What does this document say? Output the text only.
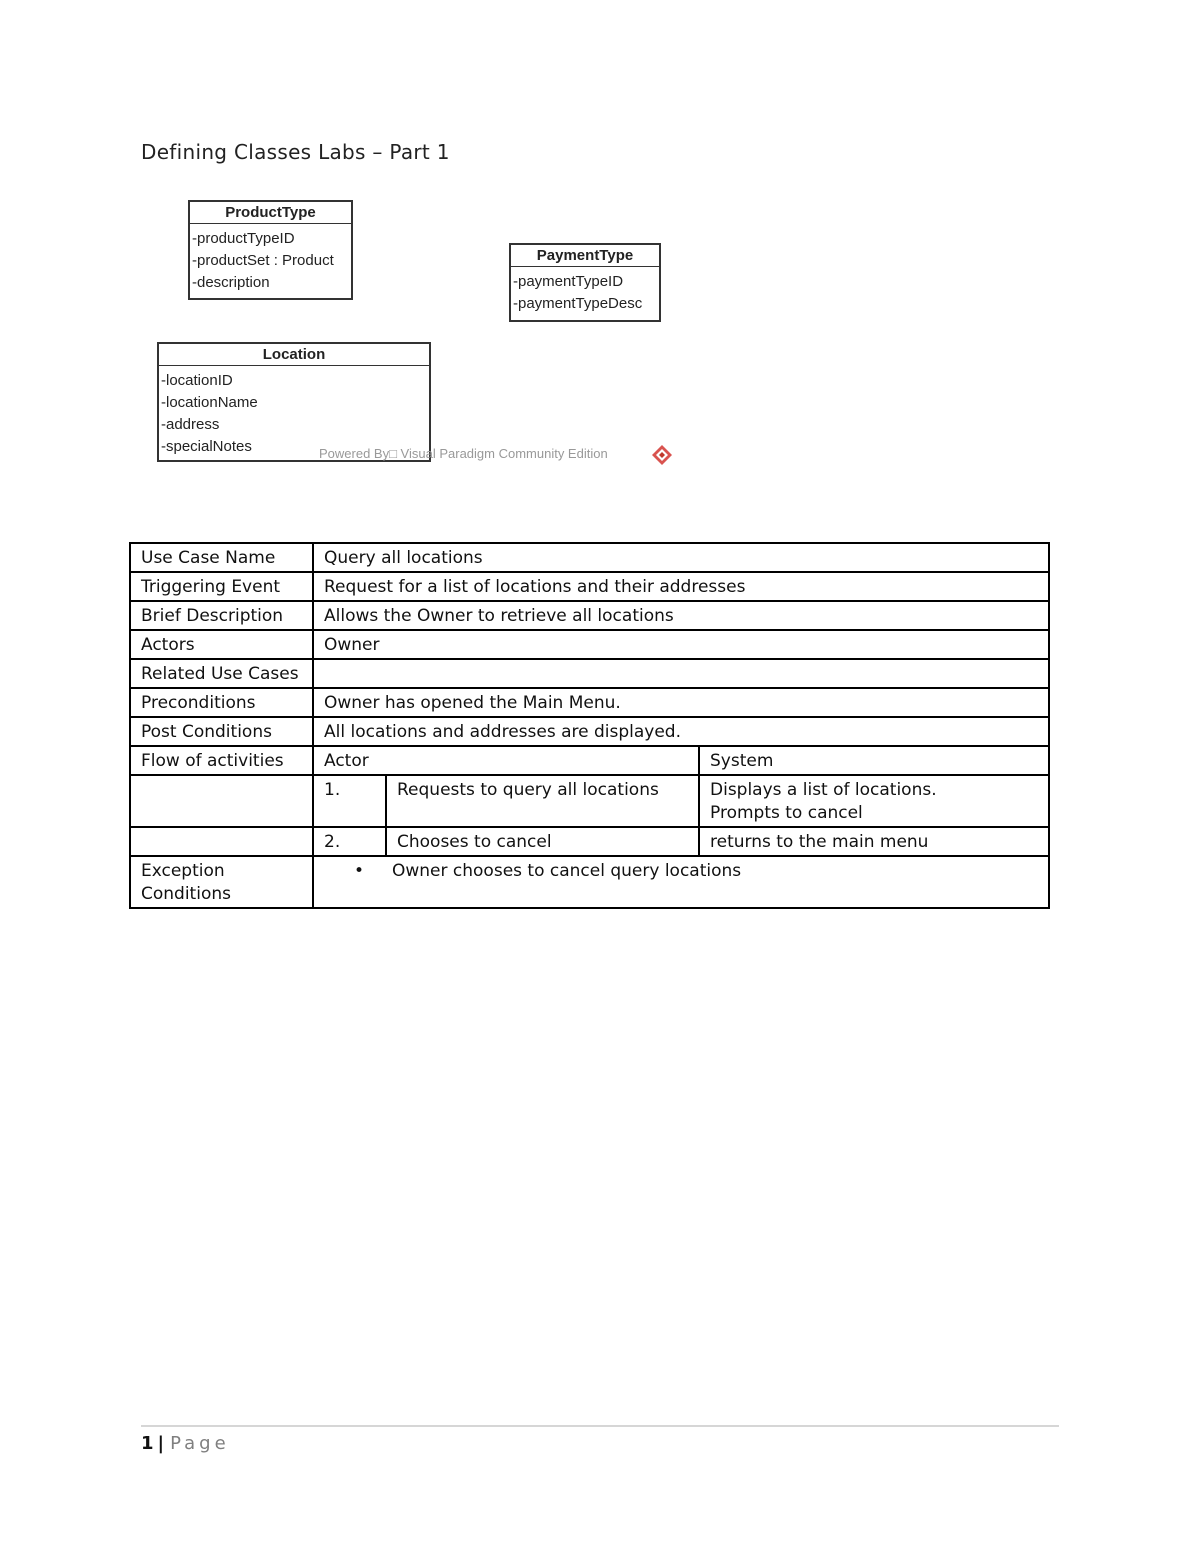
Defining Classes Labs – Part 1
ProductType
-productTypeID
-productSet : Product
-description
PaymentType
-paymentTypeID
-paymentTypeDesc
Location
-locationID
-locationName
-address
-specialNotes	Powered By□ Visual Paradigm Community Edition
Use Case Name	Query all locations		
Triggering Event	Request for a list of locations and their addresses		
Brief Description	Allows the Owner to retrieve all locations		
Actors	Owner		
Related Use Cases			
Preconditions	Owner has opened the Main Menu.		
Post Conditions	All locations and addresses are displayed.		
Flow of activities	Actor		System
	1.	Requests to query all locations	Displays a list of locations.
Prompts to cancel

	2.	Chooses to cancel	returns to the main menu

Exception
Conditions	• Owner chooses to cancel query locations		
1 | Page
